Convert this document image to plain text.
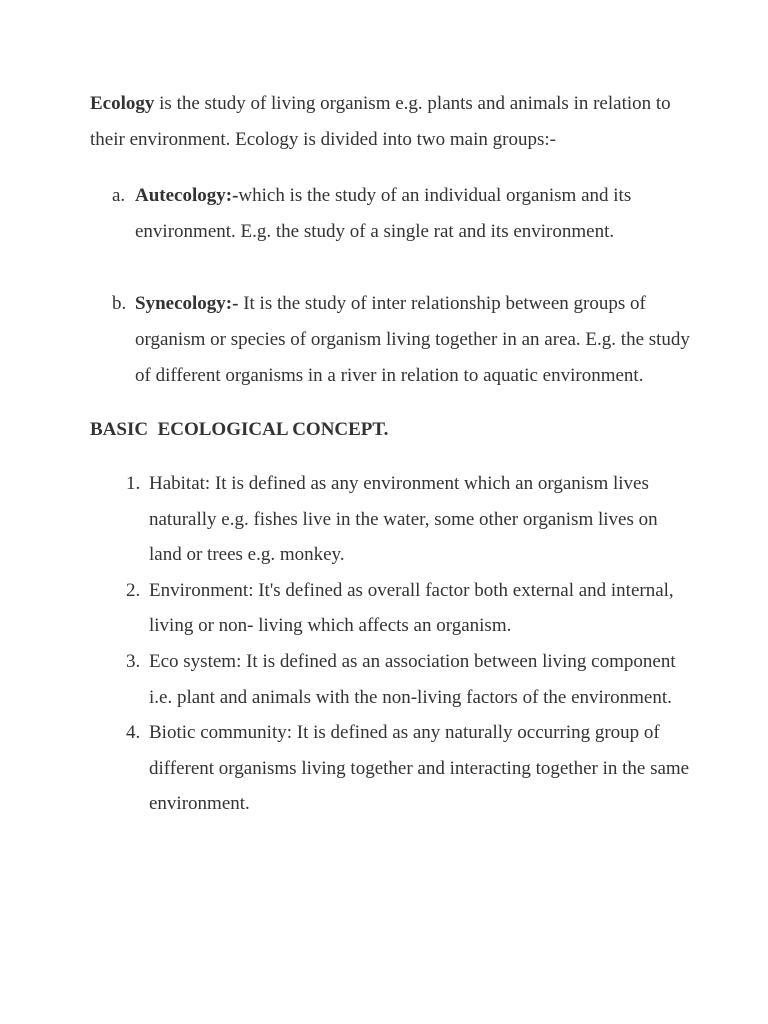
Ecology is the study of living organism e.g. plants and animals in relation to their environment. Ecology is divided into two main groups:-

a. Autecology:-which is the study of an individual organism and its environment. E.g. the study of a single rat and its environment.
b. Synecology:- It is the study of inter relationship between groups of organism or species of organism living together in an area. E.g. the study of different organisms in a river in relation to aquatic environment.

BASIC  ECOLOGICAL CONCEPT.

1. Habitat: It is defined as any environment which an organism lives naturally e.g. fishes live in the water, some other organism lives on land or trees e.g. monkey.
2. Environment: It's defined as overall factor both external and internal, living or non- living which affects an organism.
3. Eco system: It is defined as an association between living component i.e. plant and animals with the non-living factors of the environment.
4. Biotic community: It is defined as any naturally occurring group of different organisms living together and interacting together in the same environment.
